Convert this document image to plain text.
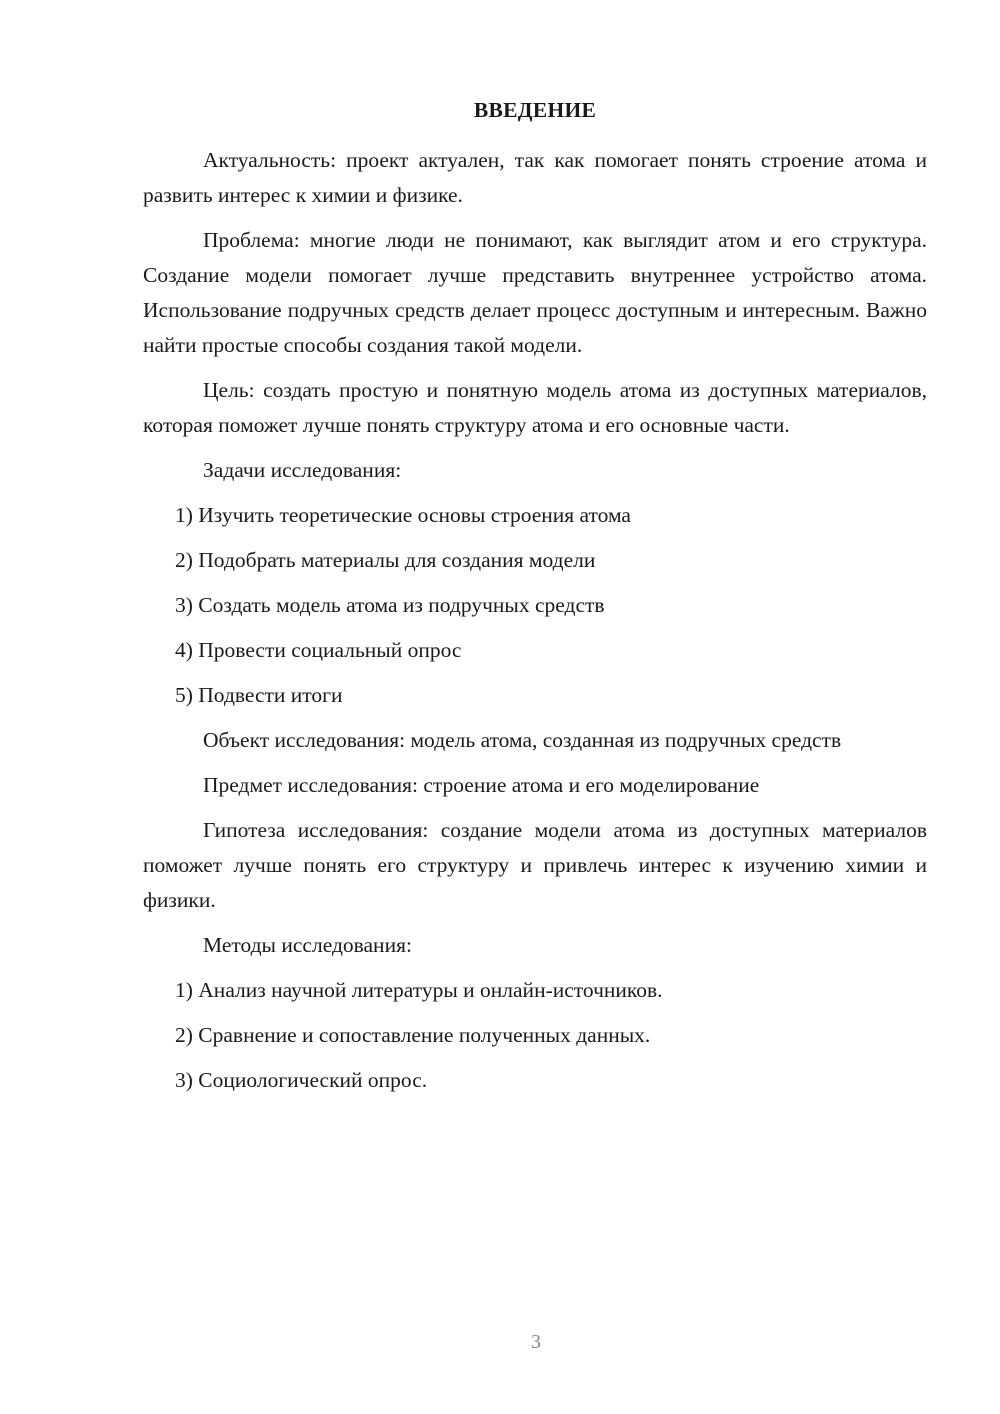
ВВЕДЕНИЕ
Актуальность: проект актуален, так как помогает понять строение атома и развить интерес к химии и физике.
Проблема: многие люди не понимают, как выглядит атом и его структура. Создание модели помогает лучше представить внутреннее устройство атома. Использование подручных средств делает процесс доступным и интересным. Важно найти простые способы создания такой модели.
Цель: создать простую и понятную модель атома из доступных материалов, которая поможет лучше понять структуру атома и его основные части.
Задачи исследования:
1) Изучить теоретические основы строения атома
2) Подобрать материалы для создания модели
3) Создать модель атома из подручных средств
4) Провести социальный опрос
5) Подвести итоги
Объект исследования: модель атома, созданная из подручных средств
Предмет исследования: строение атома и его моделирование
Гипотеза исследования: создание модели атома из доступных материалов поможет лучше понять его структуру и привлечь интерес к изучению химии и физики.
Методы исследования:
1) Анализ научной литературы и онлайн-источников.
2) Сравнение и сопоставление полученных данных.
3) Социологический опрос.
3
